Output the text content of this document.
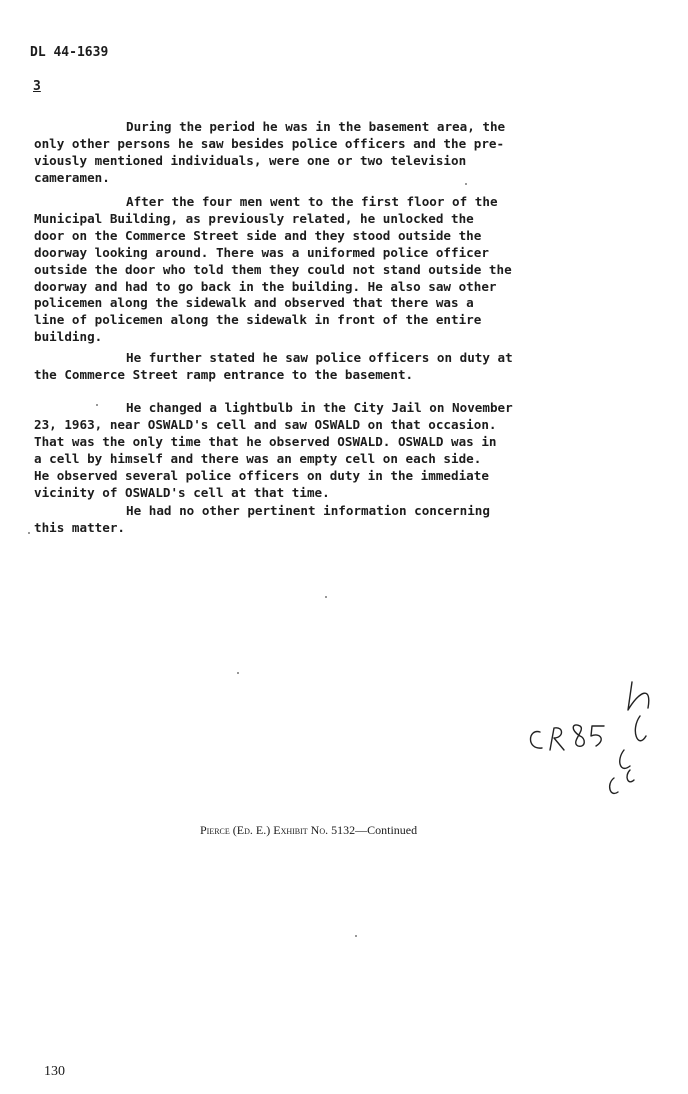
DL 44-1639
3
During the period he was in the basement area, the
only other persons he saw besides police officers and the pre-
viously mentioned individuals, were one or two television
cameramen.
After the four men went to the first floor of the
Municipal Building, as previously related, he unlocked the
door on the Commerce Street side and they stood outside the
doorway looking around. There was a uniformed police officer
outside the door who told them they could not stand outside the
doorway and had to go back in the building. He also saw other
policemen along the sidewalk and observed that there was a
line of policemen along the sidewalk in front of the entire
building.
He further stated he saw police officers on duty at
the Commerce Street ramp entrance to the basement.
He changed a lightbulb in the City Jail on November
23, 1963, near OSWALD's cell and saw OSWALD on that occasion.
That was the only time that he observed OSWALD. OSWALD was in
a cell by himself and there was an empty cell on each side.
He observed several police officers on duty in the immediate
vicinity of OSWALD's cell at that time.
He had no other pertinent information concerning
this matter.
Pierce (Ed. E.) Exhibit No. 5132—Continued
130
